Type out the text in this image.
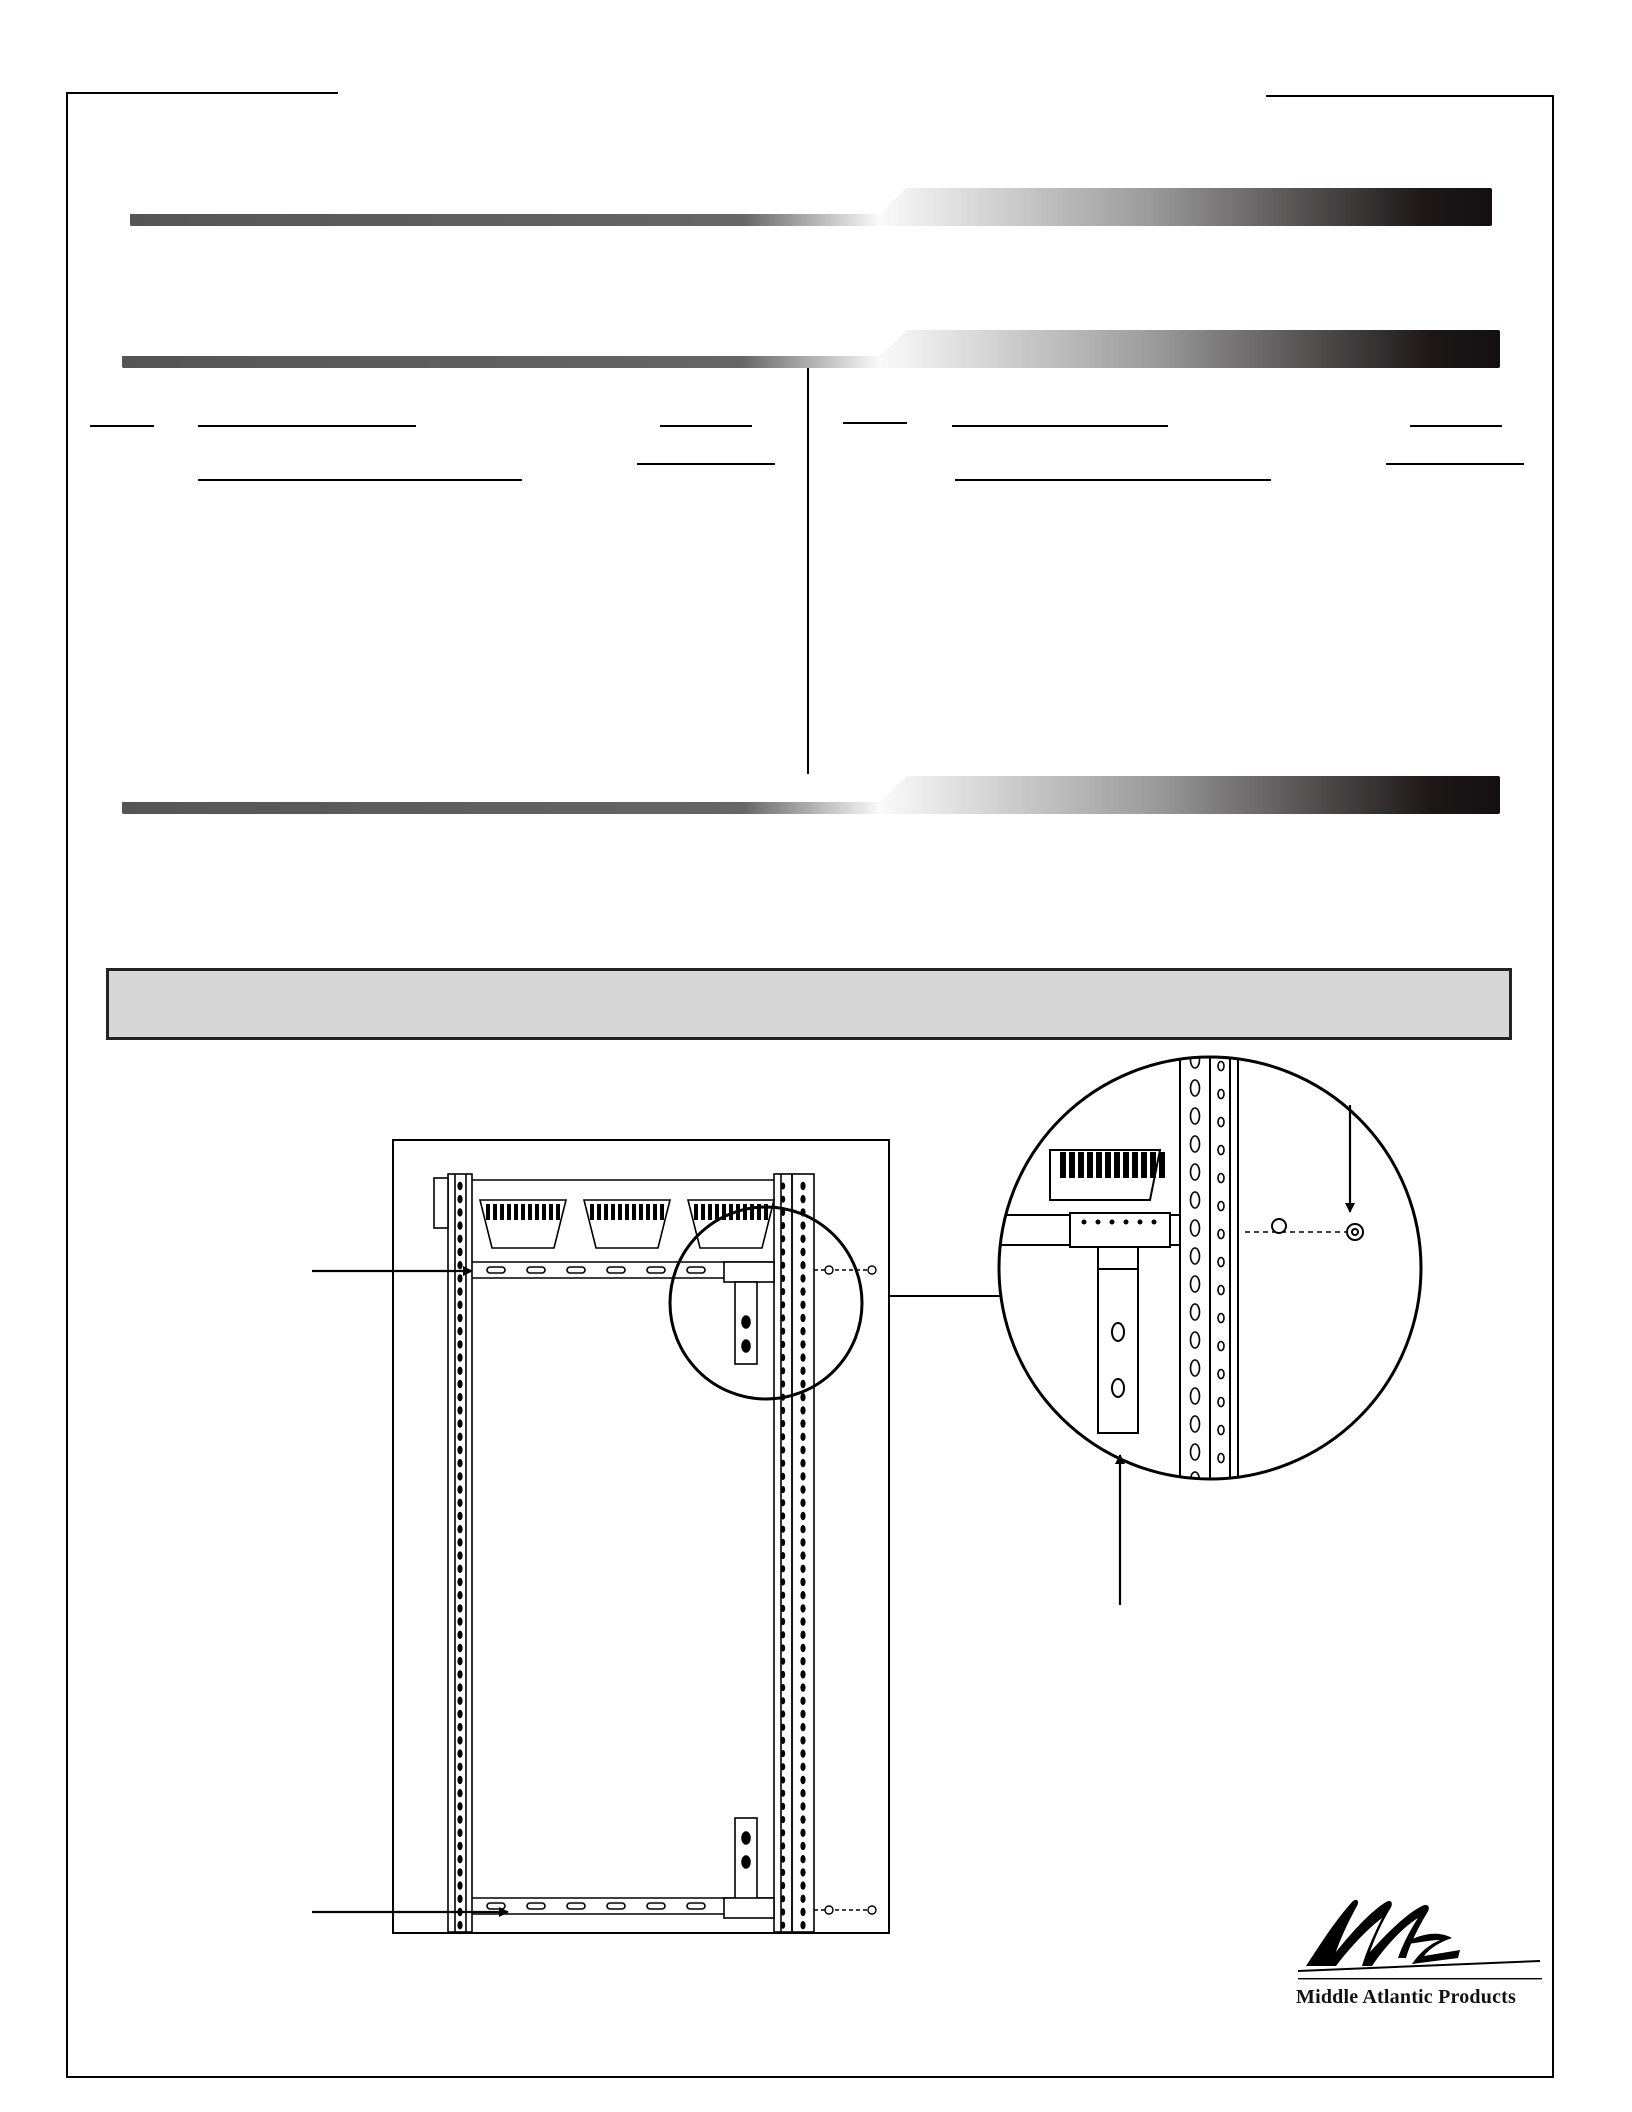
Middle Atlantic Products
